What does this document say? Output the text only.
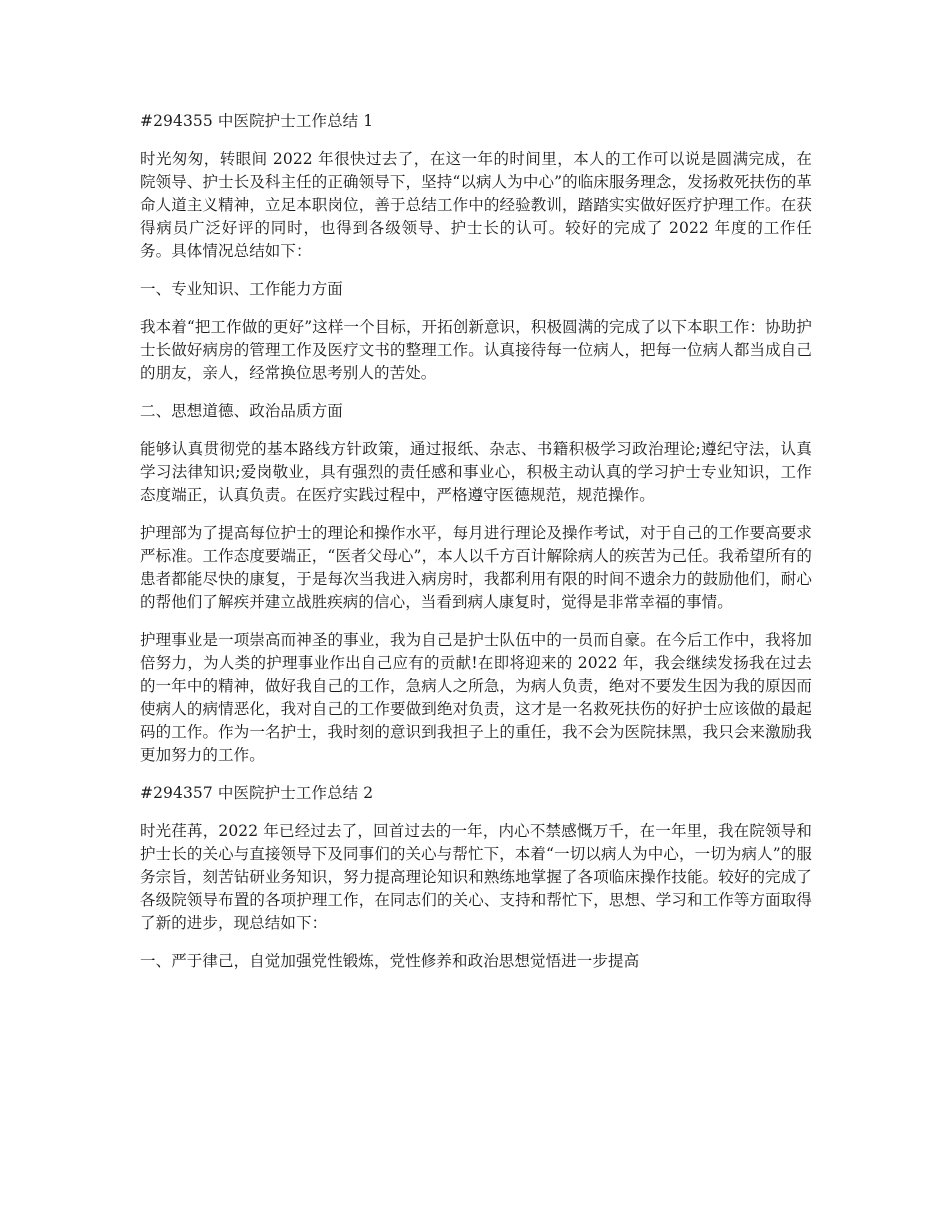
#294355 中医院护士工作总结 1

时光匆匆，转眼间 2022 年很快过去了，在这一年的时间里，本人的工作可以说是圆满完成，在院领导、护士长及科主任的正确领导下，坚持“以病人为中心”的临床服务理念，发扬救死扶伤的革命人道主义精神，立足本职岗位，善于总结工作中的经验教训，踏踏实实做好医疗护理工作。在获得病员广泛好评的同时，也得到各级领导、护士长的认可。较好的完成了 2022 年度的工作任务。具体情况总结如下：

一、专业知识、工作能力方面

我本着“把工作做的更好”这样一个目标，开拓创新意识，积极圆满的完成了以下本职工作：协助护士长做好病房的管理工作及医疗文书的整理工作。认真接待每一位病人，把每一位病人都当成自己的朋友，亲人，经常换位思考别人的苦处。

二、思想道德、政治品质方面

能够认真贯彻党的基本路线方针政策，通过报纸、杂志、书籍积极学习政治理论;遵纪守法，认真学习法律知识;爱岗敬业，具有强烈的责任感和事业心，积极主动认真的学习护士专业知识，工作态度端正，认真负责。在医疗实践过程中，严格遵守医德规范，规范操作。

护理部为了提高每位护士的理论和操作水平，每月进行理论及操作考试，对于自己的工作要高要求严标准。工作态度要端正，“医者父母心”，本人以千方百计解除病人的疾苦为己任。我希望所有的患者都能尽快的康复，于是每次当我进入病房时，我都利用有限的时间不遗余力的鼓励他们，耐心的帮他们了解疾并建立战胜疾病的信心，当看到病人康复时，觉得是非常幸福的事情。

护理事业是一项崇高而神圣的事业，我为自己是护士队伍中的一员而自豪。在今后工作中，我将加倍努力，为人类的护理事业作出自己应有的贡献!在即将迎来的 2022 年，我会继续发扬我在过去的一年中的精神，做好我自己的工作，急病人之所急，为病人负责，绝对不要发生因为我的原因而使病人的病情恶化，我对自己的工作要做到绝对负责，这才是一名救死扶伤的好护士应该做的最起码的工作。作为一名护士，我时刻的意识到我担子上的重任，我不会为医院抹黑，我只会来激励我更加努力的工作。

#294357 中医院护士工作总结 2

时光荏苒，2022 年已经过去了，回首过去的一年，内心不禁感慨万千，在一年里，我在院领导和护士长的关心与直接领导下及同事们的关心与帮忙下，本着“一切以病人为中心，一切为病人”的服务宗旨，刻苦钻研业务知识，努力提高理论知识和熟练地掌握了各项临床操作技能。较好的完成了各级院领导布置的各项护理工作，在同志们的关心、支持和帮忙下，思想、学习和工作等方面取得了新的进步，现总结如下：

一、严于律己，自觉加强党性锻炼，党性修养和政治思想觉悟进一步提高
